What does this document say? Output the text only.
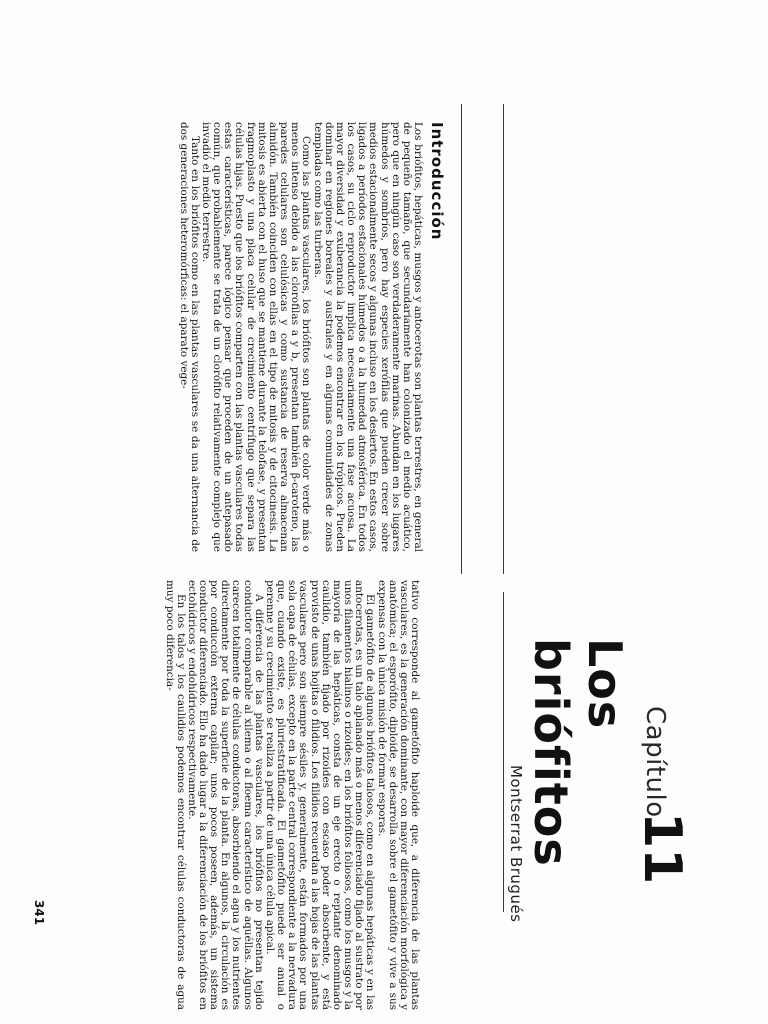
Capítulo
11
Los briófitos
Montserrat Brugués
Introducción

Los briófitos, hepáticas, musgos y antocerotas son plantas terrestres, en general de pequeño tamaño, que secundariamente han colonizado el medio acuático, pero que en ningún caso son verdaderamente marinas. Abundan en los lugares húmedos y sombríos, pero hay especies xerófilas que pueden crecer sobre medios estacionalmente secos y algunas incluso en los desiertos. En estos casos, ligados a períodos estacionales húmedos o a la humedad atmosférica. En todos los casos, su ciclo reproductor implica necesariamente una fase acuosa. La mayor diversidad y exuberancia la podemos encontrar en los trópicos. Pueden dominar en regiones boreales y australes y en algunas comunidades de zonas templadas como las turberas.

Como las plantas vasculares, los briófitos son plantas de color verde más o menos intenso debido a las clorofilas a y b, presentan también β-caroteno, las paredes celulares son celulósicas y como sustancia de reserva almacenan almidón. También coinciden con ellas en el tipo de mitosis y de citocinesis. La mitosis es abierta con el huso que se mantiene durante la telofase, y presentan fragmoplasto y una placa celular de crecimiento centrífugo que separa las células hijas. Puesto que los briófitos comparten con las plantas vasculares todas estas características, parece lógico pensar que proceden de un antepasado común, que probablemente se trata de un clorófito relativamente complejo que invadió el medio terrestre.

Tanto en los briófitos como en las plantas vasculares se da una alternancia de dos generaciones heteromórficas: el aparato vege-

tativo corresponde al gametófito haploide que, a diferencia de las plantas vasculares, es la generación dominante, con mayor diferenciación morfológica y anatómica; el esporófito, diploide, se desarrolla sobre el gametófito y vive a sus expensas con la única misión de formar esporas.

El gametófito de algunos briófitos talosos, como en algunas hepáticas y en las antocerotas, es un talo aplanado más o menos diferenciado fijado al sustrato por unos filamentos hialinos o rizoides; en los briófitos foliosos, como los musgos y la mayoría de las hepáticas, consta de un eje erecto o reptante denominado caulidio, también fijado por rizoides con escaso poder absorbente, y está provisto de unas hojitas o filidios. Los filidios recuerdan a las hojas de las plantas vasculares pero son siempre sésiles y, generalmente, están formados por una sola capa de células, excepto en la parte central correspondiente a la nervadura que, cuando existe, es pluriestratificada. El gametófito puede ser anual o perenne y su crecimiento se realiza a partir de una única célula apical.

A diferencia de las plantas vasculares, los briófitos no presentan tejido conductor comparable al xilema o al floema característico de aquéllas. Algunos carecen totalmente de células conductoras, absorbiendo el agua y los nutrientes directamente por toda la superficie de la planta. En algunos, la circulación es por conducción externa capilar; unos pocos poseen, además, un sistema conductor diferenciado. Ello ha dado lugar a la diferenciación de los briófitos en ectohídricos y endohídricos respectivamente.

En los talos y los caulidios podemos encontrar células conductoras de agua muy poco diferencia-

341
